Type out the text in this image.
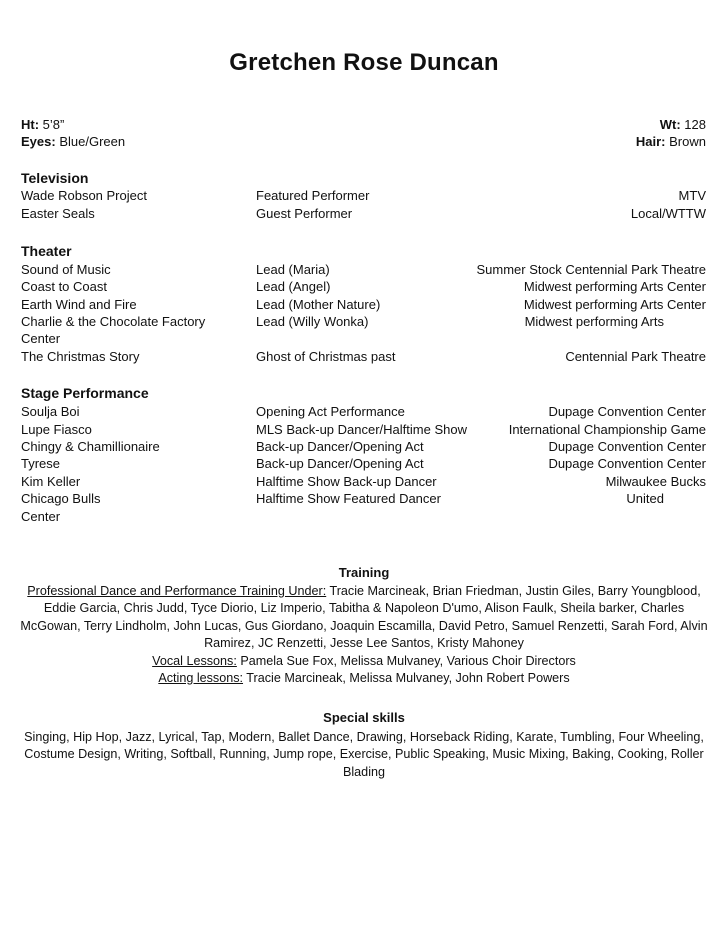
Gretchen Rose Duncan
Ht: 5’8”	Wt: 128
Eyes: Blue/Green	Hair: Brown
Television
Wade Robson Project	Featured Performer	MTV
Easter Seals	Guest Performer	Local/WTTW
Theater
Sound of Music	Lead (Maria)	Summer Stock Centennial Park Theatre
Coast to Coast	Lead (Angel)	Midwest performing Arts Center
Earth Wind and Fire	Lead (Mother Nature)	Midwest performing Arts Center
Charlie & the Chocolate Factory	Lead (Willy Wonka)	Midwest performing Arts
Center
The Christmas Story	Ghost of Christmas past	Centennial Park Theatre
Stage Performance
Soulja Boi	Opening Act Performance	Dupage Convention Center
Lupe Fiasco	MLS Back-up Dancer/Halftime Show	International Championship Game
Chingy & Chamillionaire	Back-up Dancer/Opening Act	Dupage Convention Center
Tyrese	Back-up Dancer/Opening Act	Dupage Convention Center
Kim Keller	Halftime Show Back-up Dancer	Milwaukee Bucks
Chicago Bulls	Halftime Show Featured Dancer	United
Center
Training

Professional Dance and Performance Training Under: Tracie Marcineak, Brian Friedman, Justin Giles, Barry Youngblood, Eddie Garcia, Chris Judd, Tyce Diorio, Liz Imperio, Tabitha & Napoleon D'umo, Alison Faulk, Sheila barker, Charles McGowan, Terry Lindholm, John Lucas, Gus Giordano, Joaquin Escamilla, David Petro, Samuel Renzetti, Sarah Ford, Alvin Ramirez, JC Renzetti, Jesse Lee Santos, Kristy Mahoney

Vocal Lessons: Pamela Sue Fox, Melissa Mulvaney, Various Choir Directors

Acting lessons: Tracie Marcineak, Melissa Mulvaney, John Robert Powers

Special skills

Singing, Hip Hop, Jazz, Lyrical, Tap, Modern, Ballet Dance, Drawing, Horseback Riding, Karate, Tumbling, Four Wheeling, Costume Design, Writing, Softball, Running, Jump rope, Exercise, Public Speaking, Music Mixing, Baking, Cooking, Roller Blading
